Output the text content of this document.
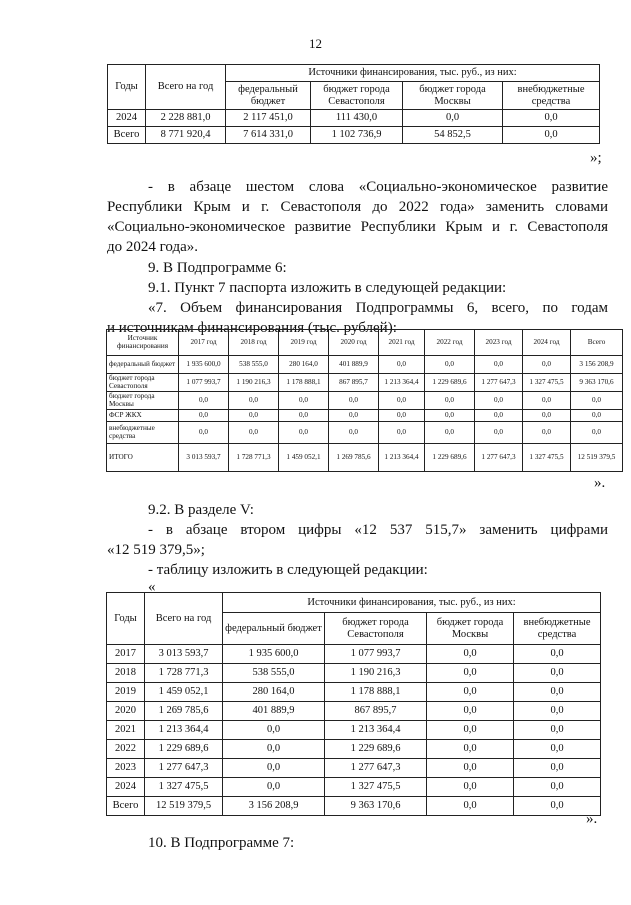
12
Годы	Всего на год	Источники финансирования, тыс. руб., из них:			
		федеральный бюджет	бюджет города Севастополя	бюджет города Москвы	внебюджетные средства
2024	2 228 881,0	2 117 451,0	111 430,0	0,0	0,0
Всего	8 771 920,4	7 614 331,0	1 102 736,9	54 852,5	0,0
»;
- в абзаце шестом слова «Социально-экономическое развитие
Республики Крым и г. Севастополя до 2022 года» заменить словами
«Социально-экономическое развитие Республики Крым и г. Севастополя
до 2024 года».
9. В Подпрограмме 6:
9.1. Пункт 7 паспорта изложить в следующей редакции:
«7. Объем финансирования Подпрограммы 6, всего, по годам
и источникам финансирования (тыс. рублей):
Источник финансирования	2017 год	2018 год	2019 год	2020 год	2021 год	2022 год	2023 год	2024 год	Всего
федеральный бюджет	1 935 600,0	538 555,0	280 164,0	401 889,9	0,0	0,0	0,0	0,0	3 156 208,9
бюджет города Севастополя	1 077 993,7	1 190 216,3	1 178 888,1	867 895,7	1 213 364,4	1 229 689,6	1 277 647,3	1 327 475,5	9 363 170,6
бюджет города Москвы	0,0	0,0	0,0	0,0	0,0	0,0	0,0	0,0	0,0
ФСР ЖКХ	0,0	0,0	0,0	0,0	0,0	0,0	0,0	0,0	0,0
внебюджетные средства	0,0	0,0	0,0	0,0	0,0	0,0	0,0	0,0	0,0
ИТОГО	3 013 593,7	1 728 771,3	1 459 052,1	1 269 785,6	1 213 364,4	1 229 689,6	1 277 647,3	1 327 475,5	12 519 379,5
».
9.2. В разделе V:
- в абзаце втором цифры «12 537 515,7» заменить цифрами
«12 519 379,5»;
- таблицу изложить в следующей редакции:
«
Годы	Всего на год	Источники финансирования, тыс. руб., из них:			
		федеральный бюджет	бюджет города Севастополя	бюджет города Москвы	внебюджетные средства
2017	3 013 593,7	1 935 600,0	1 077 993,7	0,0	0,0
2018	1 728 771,3	538 555,0	1 190 216,3	0,0	0,0
2019	1 459 052,1	280 164,0	1 178 888,1	0,0	0,0
2020	1 269 785,6	401 889,9	867 895,7	0,0	0,0
2021	1 213 364,4	0,0	1 213 364,4	0,0	0,0
2022	1 229 689,6	0,0	1 229 689,6	0,0	0,0
2023	1 277 647,3	0,0	1 277 647,3	0,0	0,0
2024	1 327 475,5	0,0	1 327 475,5	0,0	0,0
Всего	12 519 379,5	3 156 208,9	9 363 170,6	0,0	0,0
».
10. В Подпрограмме 7:
